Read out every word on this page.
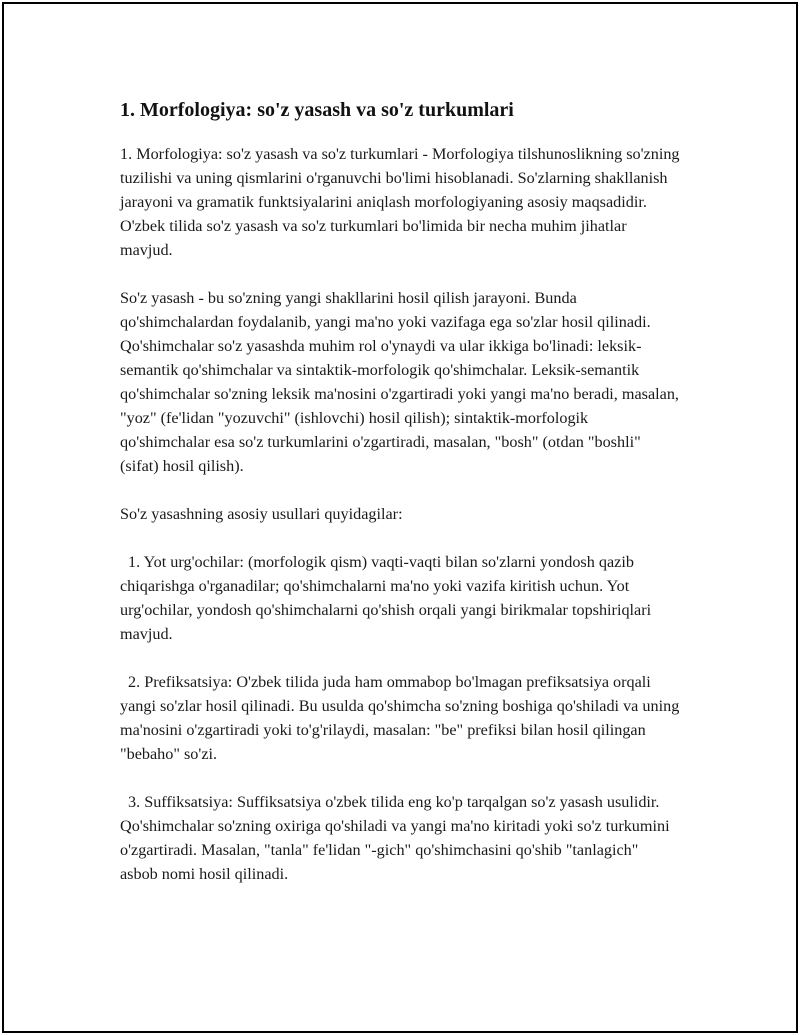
1. Morfologiya: so'z yasash va so'z turkumlari

1. Morfologiya: so'z yasash va so'z turkumlari - Morfologiya tilshunoslikning so'zning tuzilishi va uning qismlarini o'rganuvchi bo'limi hisoblanadi. So'zlarning shakllanish jarayoni va gramatik funktsiyalarini aniqlash morfologiyaning asosiy maqsadidir. O'zbek tilida so'z yasash va so'z turkumlari bo'limida bir necha muhim jihatlar mavjud.

So'z yasash - bu so'zning yangi shakllarini hosil qilish jarayoni. Bunda qo'shimchalardan foydalanib, yangi ma'no yoki vazifaga ega so'zlar hosil qilinadi. Qo'shimchalar so'z yasashda muhim rol o'ynaydi va ular ikkiga bo'linadi: leksik-semantik qo'shimchalar va sintaktik-morfologik qo'shimchalar. Leksik-semantik qo'shimchalar so'zning leksik ma'nosini o'zgartiradi yoki yangi ma'no beradi, masalan, "yoz" (fe'lidan "yozuvchi" (ishlovchi) hosil qilish); sintaktik-morfologik qo'shimchalar esa so'z turkumlarini o'zgartiradi, masalan, "bosh" (otdan "boshli" (sifat) hosil qilish).

So'z yasashning asosiy usullari quyidagilar:

1. Yot urg'ochilar: (morfologik qism) vaqti-vaqti bilan so'zlarni yondosh qazib chiqarishga o'rganadilar; qo'shimchalarni ma'no yoki vazifa kiritish uchun. Yot urg'ochilar, yondosh qo'shimchalarni qo'shish orqali yangi birikmalar topshiriqlari mavjud.

2. Prefiksatsiya: O'zbek tilida juda ham ommabop bo'lmagan prefiksatsiya orqali yangi so'zlar hosil qilinadi. Bu usulda qo'shimcha so'zning boshiga qo'shiladi va uning ma'nosini o'zgartiradi yoki to'g'rilaydi, masalan: "be" prefiksi bilan hosil qilingan "bebaho" so'zi.

3. Suffiksatsiya: Suffiksatsiya o'zbek tilida eng ko'p tarqalgan so'z yasash usulidir. Qo'shimchalar so'zning oxiriga qo'shiladi va yangi ma'no kiritadi yoki so'z turkumini o'zgartiradi. Masalan, "tanla" fe'lidan "-gich" qo'shimchasini qo'shib "tanlagich" asbob nomi hosil qilinadi.
